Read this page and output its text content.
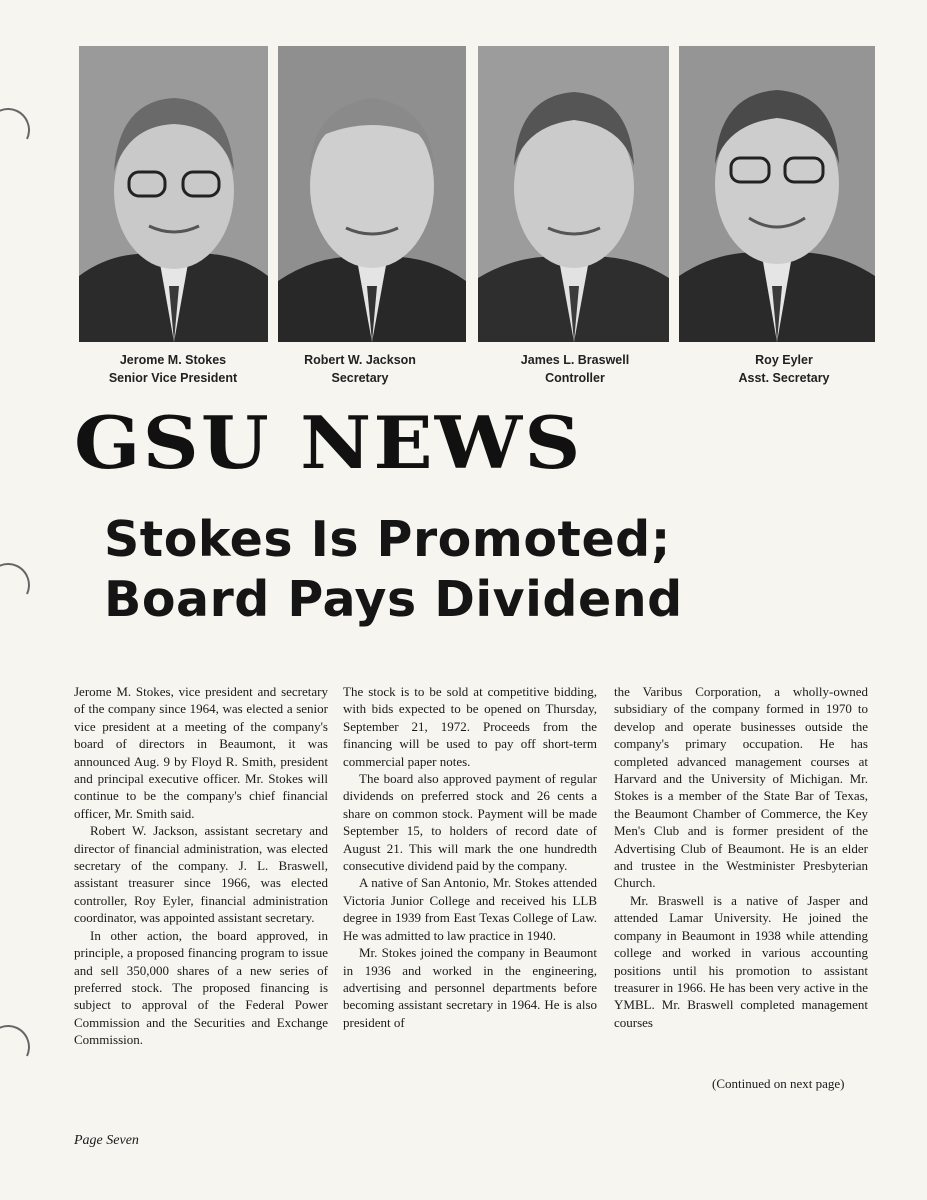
Jerome M. Stokes
Senior Vice President
Robert W. Jackson
Secretary
James L. Braswell
Controller
Roy Eyler
Asst. Secretary
GSU NEWS
Stokes Is Promoted;
Board Pays Dividend

Jerome M. Stokes, vice president and secretary of the company since 1964, was elected a senior vice president at a meeting of the company's board of directors in Beaumont, it was announced Aug. 9 by Floyd R. Smith, president and principal executive officer. Mr. Stokes will continue to be the company's chief financial officer, Mr. Smith said.

Robert W. Jackson, assistant secretary and director of financial administration, was elected secretary of the company. J. L. Braswell, assistant treasurer since 1966, was elected controller, Roy Eyler, financial administration coordinator, was appointed assistant secretary.

In other action, the board approved, in principle, a proposed financing program to issue and sell 350,000 shares of a new series of preferred stock. The proposed financing is subject to approval of the Federal Power Commission and the Securities and Exchange Commission.

The stock is to be sold at competitive bidding, with bids expected to be opened on Thursday, September 21, 1972. Proceeds from the financing will be used to pay off short-term commercial paper notes.

The board also approved payment of regular dividends on preferred stock and 26 cents a share on common stock. Payment will be made September 15, to holders of record date of August 21. This will mark the one hundredth consecutive dividend paid by the company.

A native of San Antonio, Mr. Stokes attended Victoria Junior College and received his LLB degree in 1939 from East Texas College of Law. He was admitted to law practice in 1940.

Mr. Stokes joined the company in Beaumont in 1936 and worked in the engineering, advertising and personnel departments before becoming assistant secretary in 1964. He is also president of

the Varibus Corporation, a wholly-owned subsidiary of the company formed in 1970 to develop and operate businesses outside the company's primary occupation. He has completed advanced management courses at Harvard and the University of Michigan. Mr. Stokes is a member of the State Bar of Texas, the Beaumont Chamber of Commerce, the Key Men's Club and is former president of the Advertising Club of Beaumont. He is an elder and trustee in the Westminister Presbyterian Church.

Mr. Braswell is a native of Jasper and attended Lamar University. He joined the company in Beaumont in 1938 while attending college and worked in various accounting positions until his promotion to assistant treasurer in 1966. He has been very active in the YMBL. Mr. Braswell completed management courses

(Continued on next page)
Page Seven
